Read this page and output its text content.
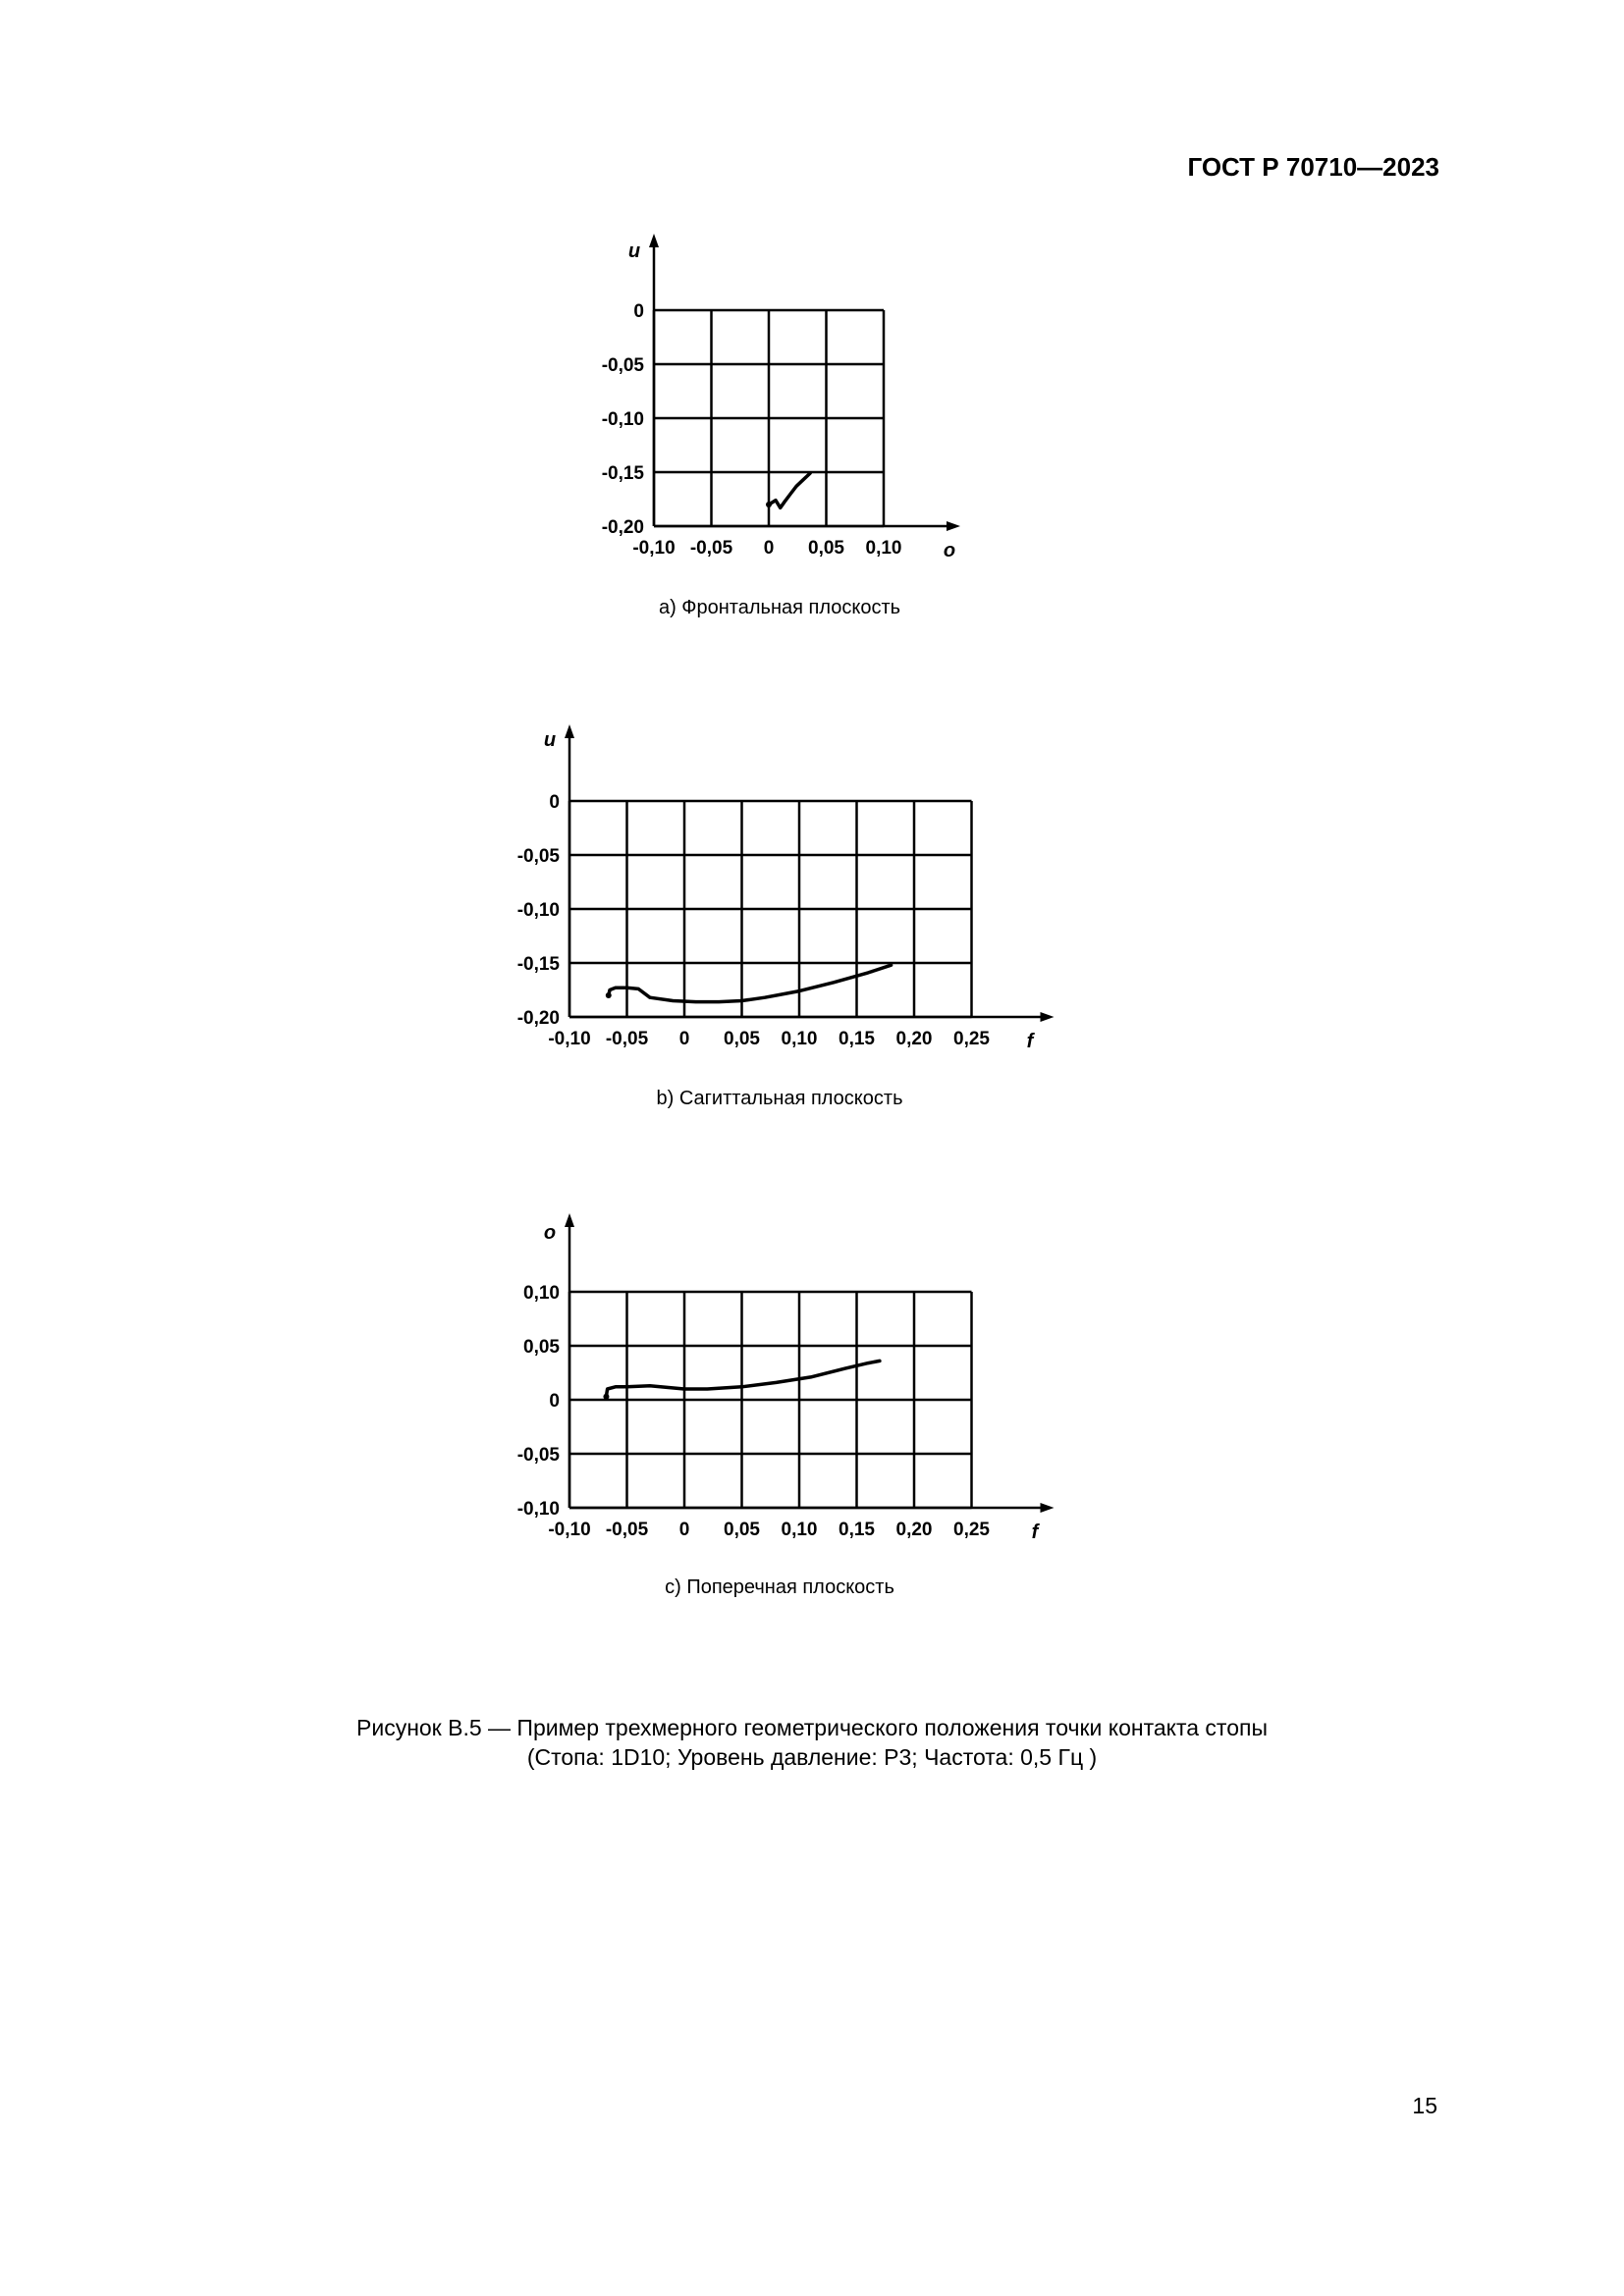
ГОСТ Р 70710—2023
u
o
0
-0,05
-0,10
-0,15
-0,20
-0,10 -0,05 0 0,05 0,10
u
f
0
-0,05
-0,10
-0,15
-0,20
-0,10 -0,05 0 0,05 0,10 0,15 0,20 0,25
o
f
0,10
0,05
0
-0,05
-0,10
-0,10 -0,05 0 0,05 0,10 0,15 0,20 0,25
а) Фронтальная плоскость
b) Сагиттальная плоскость
c) Поперечная плоскость
Рисунок В.5 — Пример трехмерного геометрического положения точки контакта стопы
(Стопа: 1D10; Уровень давление: Р3; Частота: 0,5 Гц )
15
